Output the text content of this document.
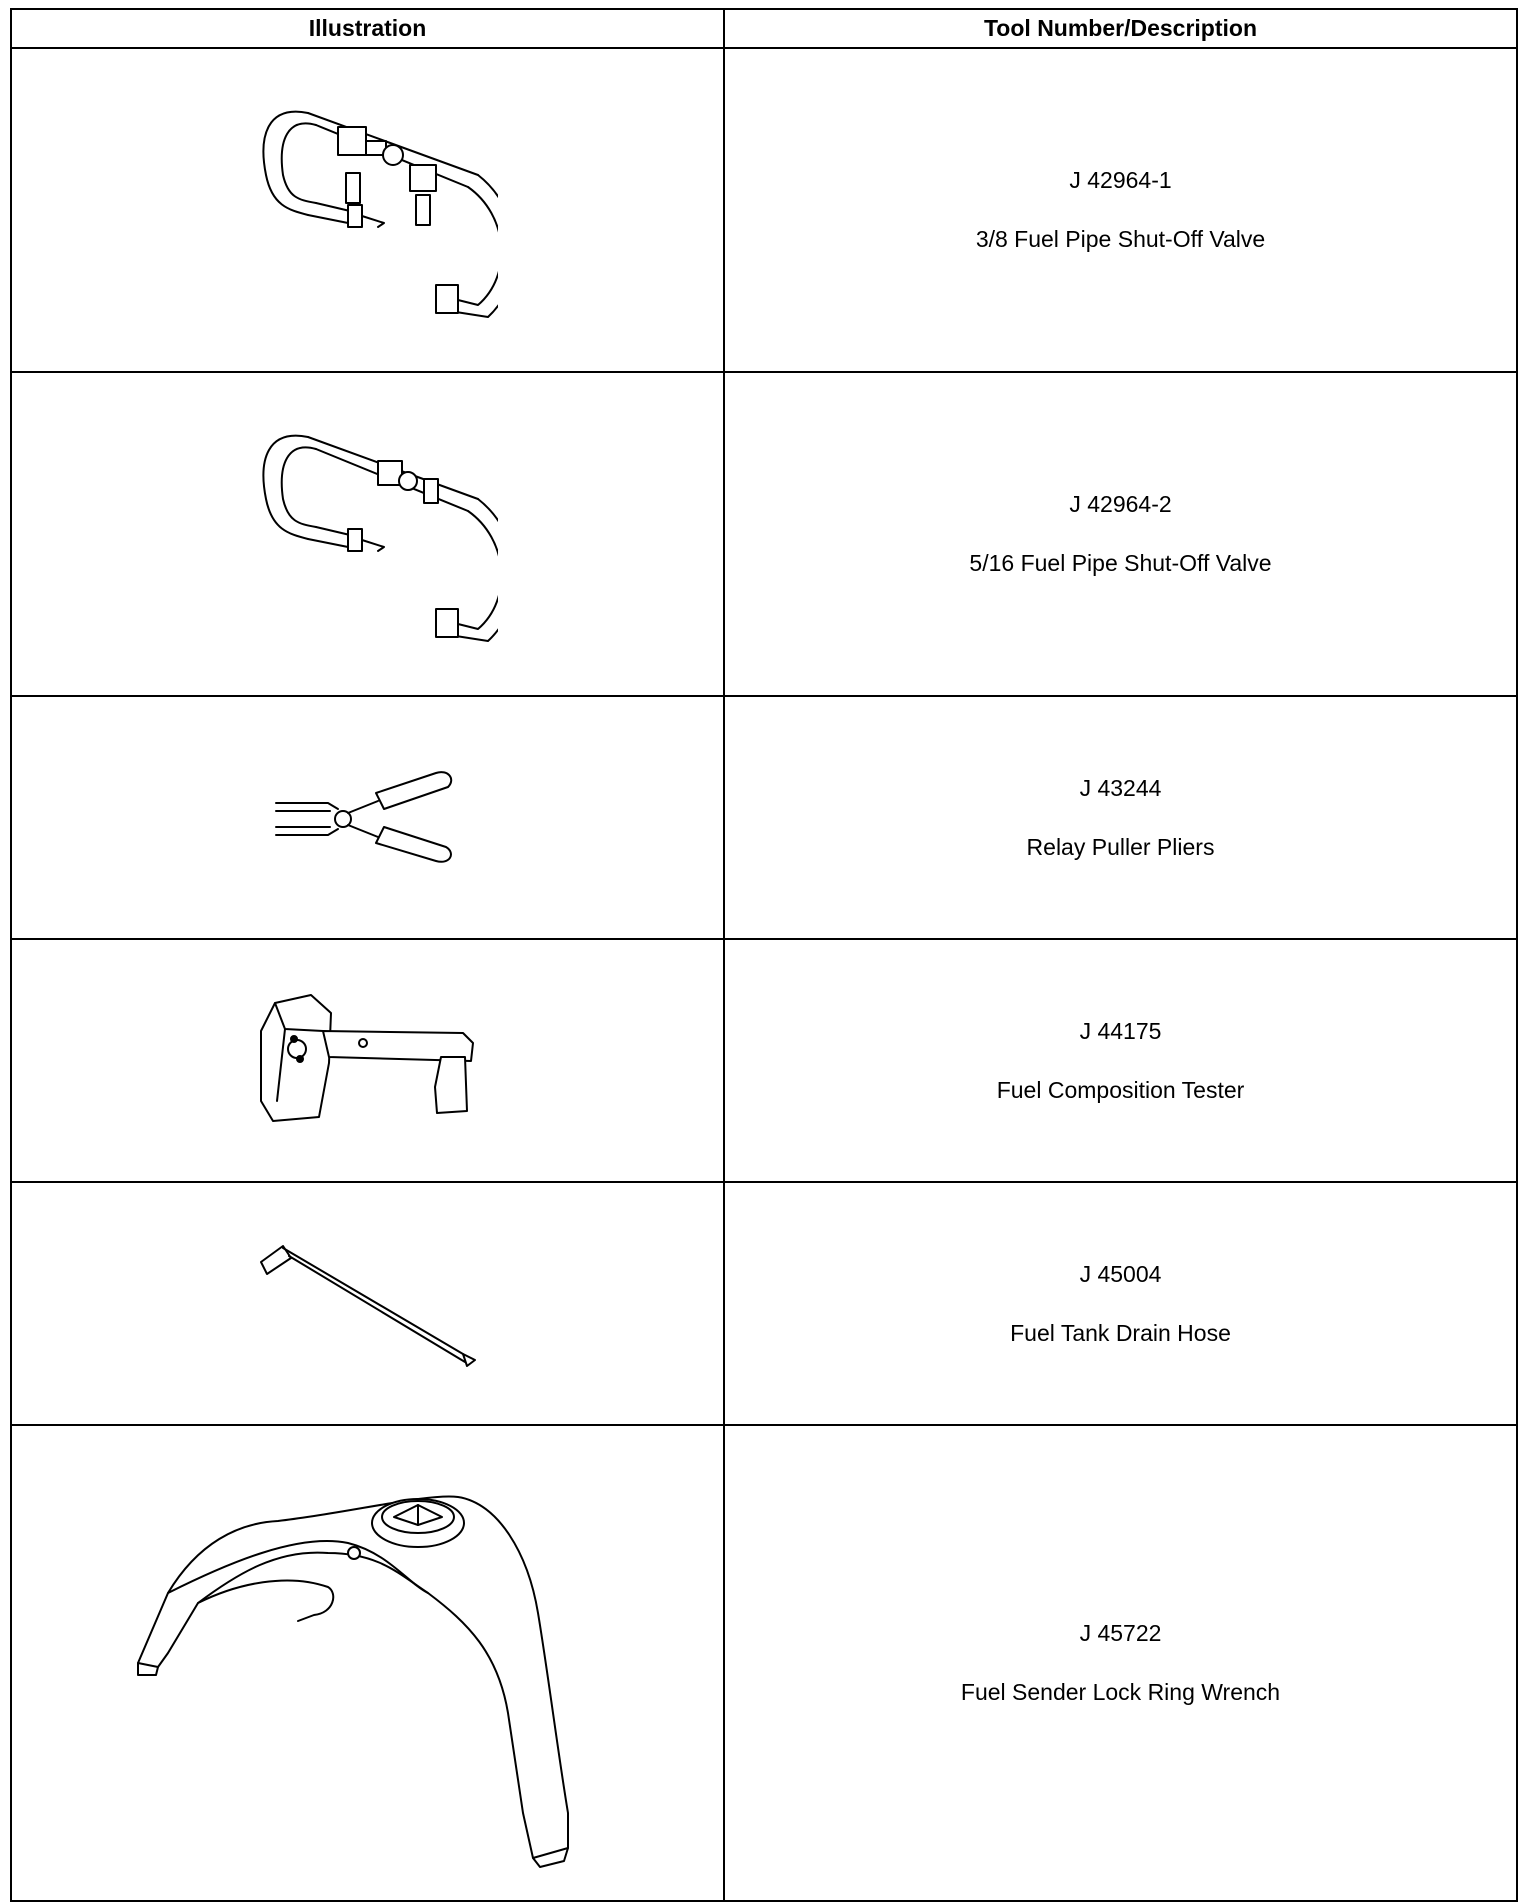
Illustration	Tool Number/Description

J 42964-1
3/8 Fuel Pipe Shut-Off Valve

J 42964-2
5/16 Fuel Pipe Shut-Off Valve

J 43244
Relay Puller Pliers

J 44175
Fuel Composition Tester

J 45004
Fuel Tank Drain Hose

J 45722
Fuel Sender Lock Ring Wrench
